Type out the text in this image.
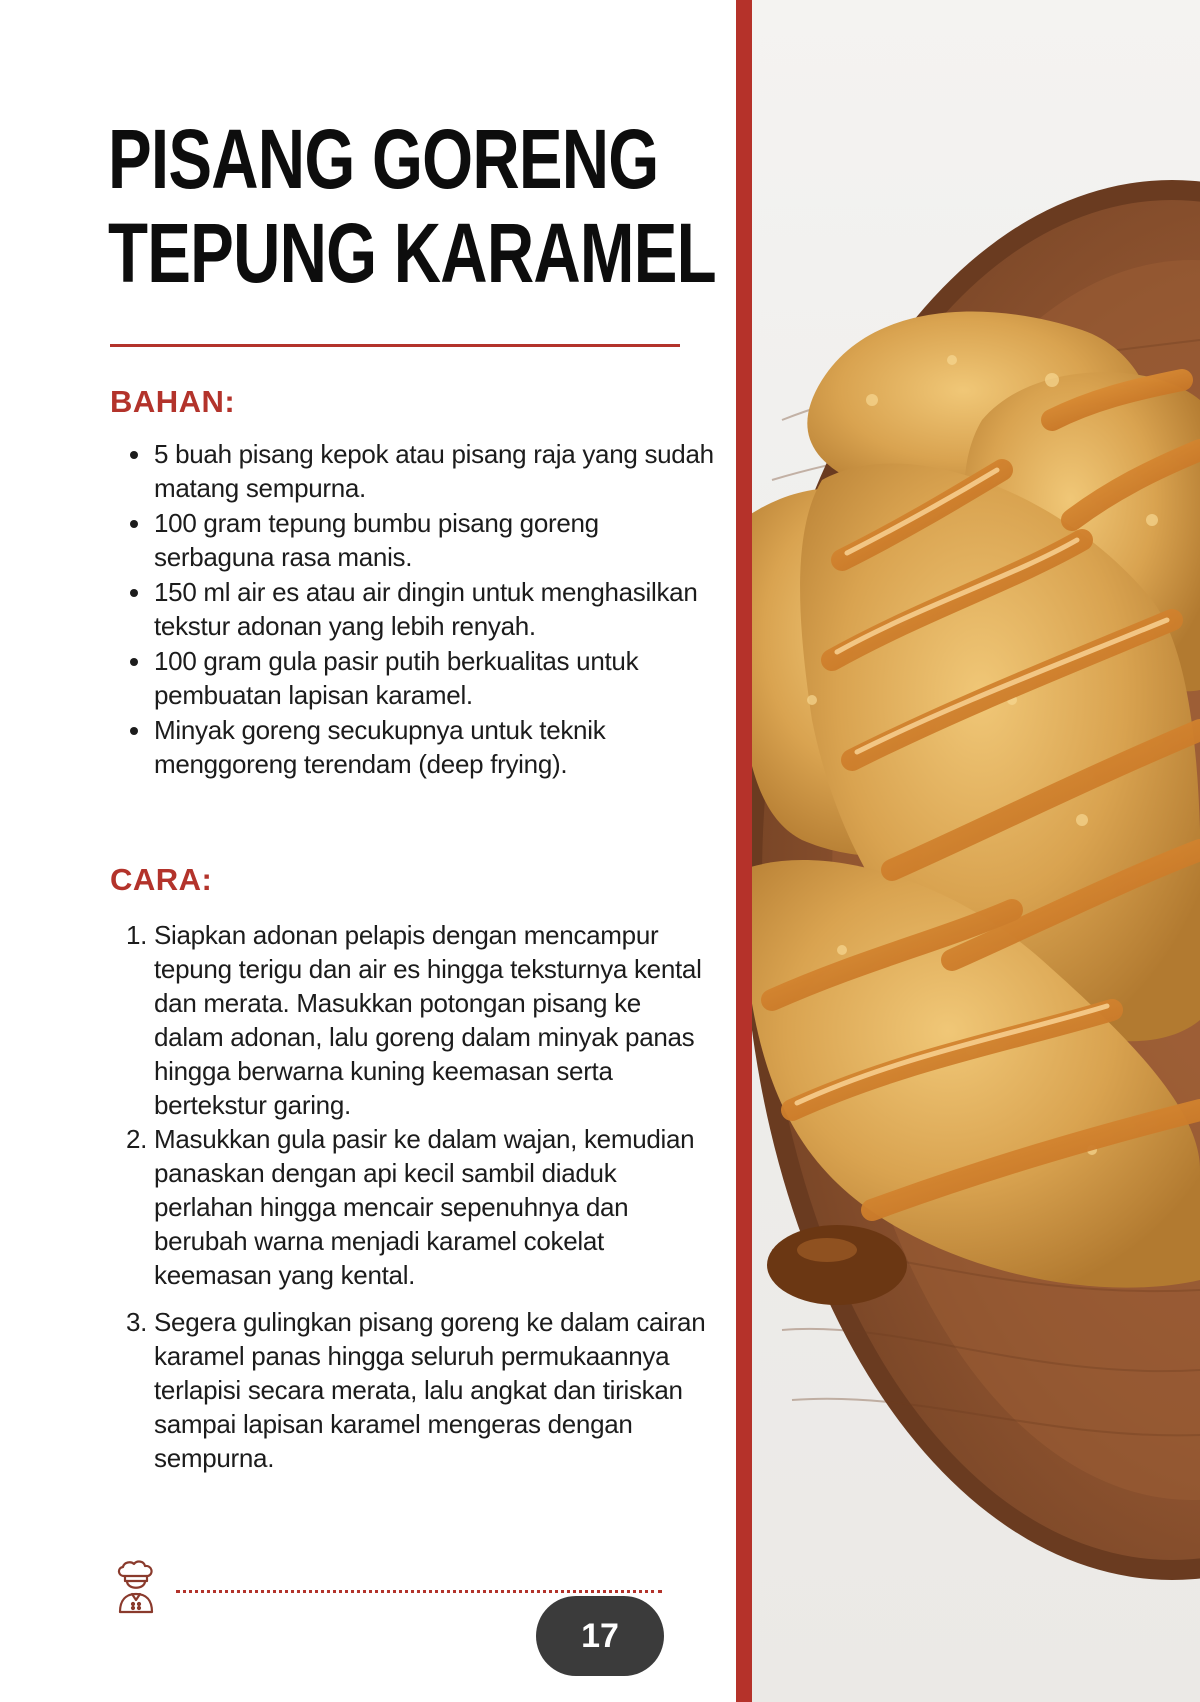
PISANG GORENG
TEPUNG KARAMEL
BAHAN:
5 buah pisang kepok atau pisang raja yang sudah matang sempurna.
100 gram tepung bumbu pisang goreng serbaguna rasa manis.
150 ml air es atau air dingin untuk menghasilkan tekstur adonan yang lebih renyah.
100 gram gula pasir putih berkualitas untuk pembuatan lapisan karamel.
Minyak goreng secukupnya untuk teknik menggoreng terendam (deep frying).
CARA:
1. Siapkan adonan pelapis dengan mencampur tepung terigu dan air es hingga teksturnya kental dan merata. Masukkan potongan pisang ke dalam adonan, lalu goreng dalam minyak panas hingga berwarna kuning keemasan serta bertekstur garing.
2. Masukkan gula pasir ke dalam wajan, kemudian panaskan dengan api kecil sambil diaduk perlahan hingga mencair sepenuhnya dan berubah warna menjadi karamel cokelat keemasan yang kental.
3. Segera gulingkan pisang goreng ke dalam cairan karamel panas hingga seluruh permukaannya terlapisi secara merata, lalu angkat dan tiriskan sampai lapisan karamel mengeras dengan sempurna.
17
